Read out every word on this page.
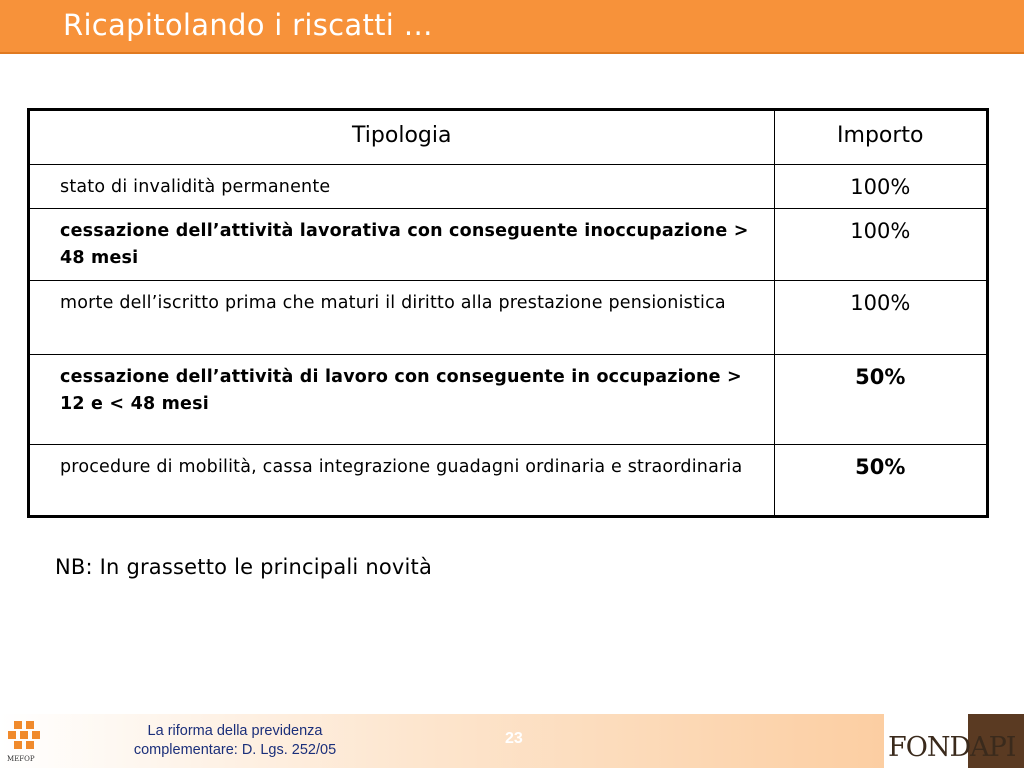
Ricapitolando i riscatti …
Tipologia	Importo
stato di invalidità permanente	100%
cessazione dell’attività lavorativa con conseguente inoccupazione > 48 mesi	100%
morte dell’iscritto prima che maturi il diritto alla prestazione pensionistica	100%
cessazione dell’attività di lavoro con conseguente in occupazione > 12 e < 48 mesi	50%
procedure di mobilità, cassa integrazione guadagni ordinaria e straordinaria	50%
NB: In grassetto le principali novità
MEFOP
La riforma della previdenza
complementare: D. Lgs. 252/05
23	FONDAPI
